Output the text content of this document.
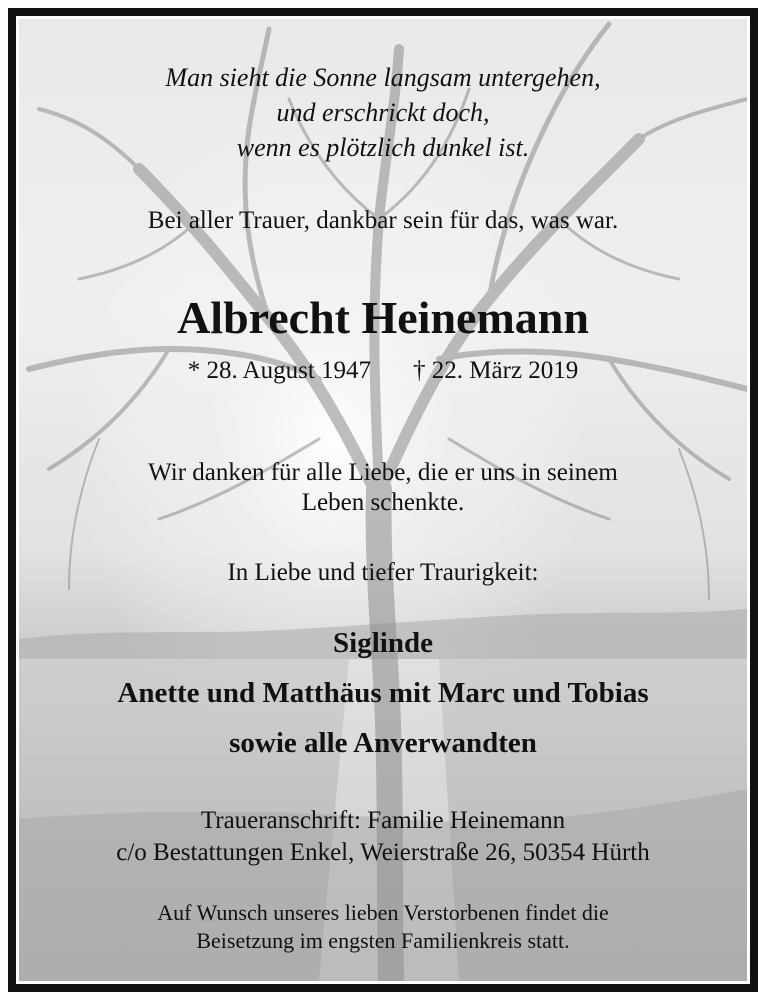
Man sieht die Sonne langsam untergehen,
und erschrickt doch,
wenn es plötzlich dunkel ist.
Bei aller Trauer, dankbar sein für das, was war.
Albrecht Heinemann
* 28. August 1947 † 22. März 2019
Wir danken für alle Liebe, die er uns in seinem
Leben schenkte.
In Liebe und tiefer Traurigkeit:
Siglinde
Anette und Matthäus mit Marc und Tobias
sowie alle Anverwandten
Traueranschrift: Familie Heinemann
c/o Bestattungen Enkel, Weierstraße 26, 50354 Hürth
Auf Wunsch unseres lieben Verstorbenen findet die
Beisetzung im engsten Familienkreis statt.
